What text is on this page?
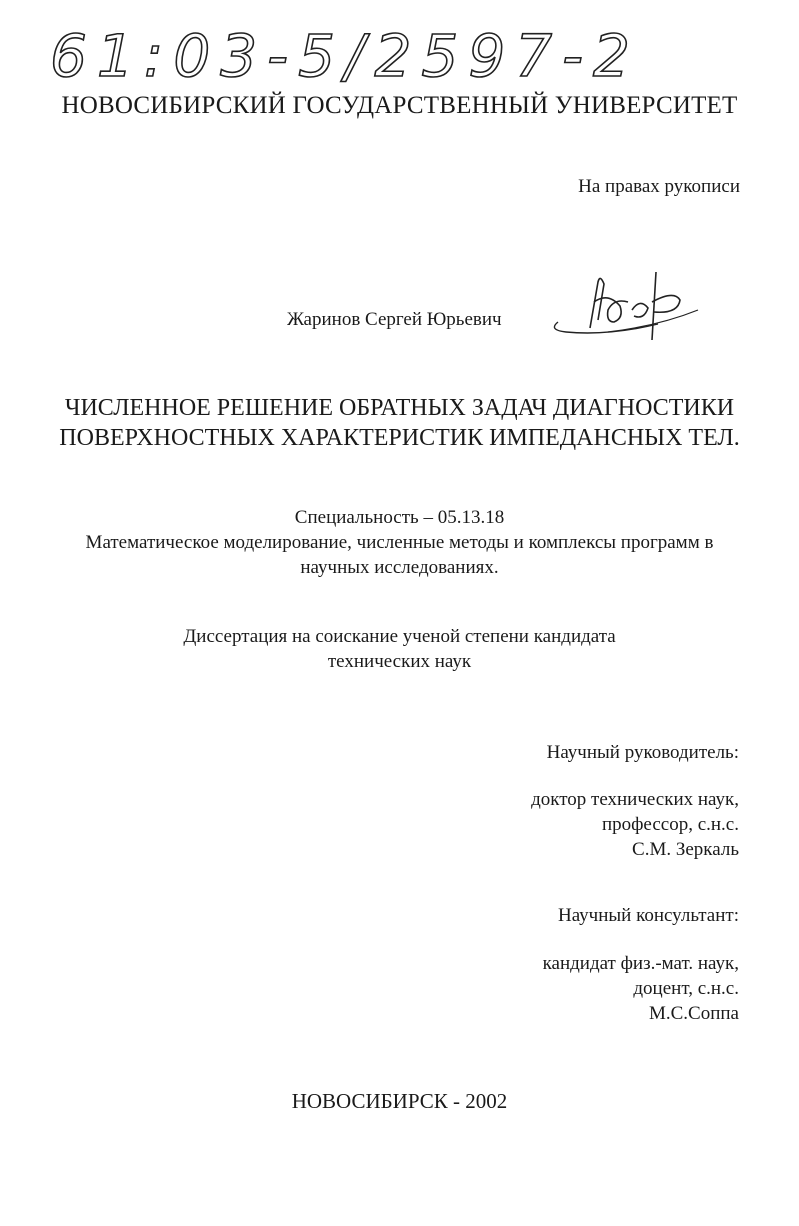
61:03-5/2597-2
НОВОСИБИРСКИЙ ГОСУДАРСТВЕННЫЙ УНИВЕРСИТЕТ
На правах рукописи
Жаринов Сергей Юрьевич
ЧИСЛЕННОЕ РЕШЕНИЕ ОБРАТНЫХ ЗАДАЧ ДИАГНОСТИКИ
ПОВЕРХНОСТНЫХ ХАРАКТЕРИСТИК ИМПЕДАНСНЫХ ТЕЛ.
Специальность – 05.13.18
Математическое моделирование, численные методы и комплексы программ в
научных исследованиях.
Диссертация на соискание ученой степени кандидата
технических наук
Научный руководитель:
доктор технических наук,
профессор, с.н.с.
С.М. Зеркаль
Научный консультант:
кандидат физ.-мат. наук,
доцент, с.н.с.
М.С.Соппа
НОВОСИБИРСК - 2002
